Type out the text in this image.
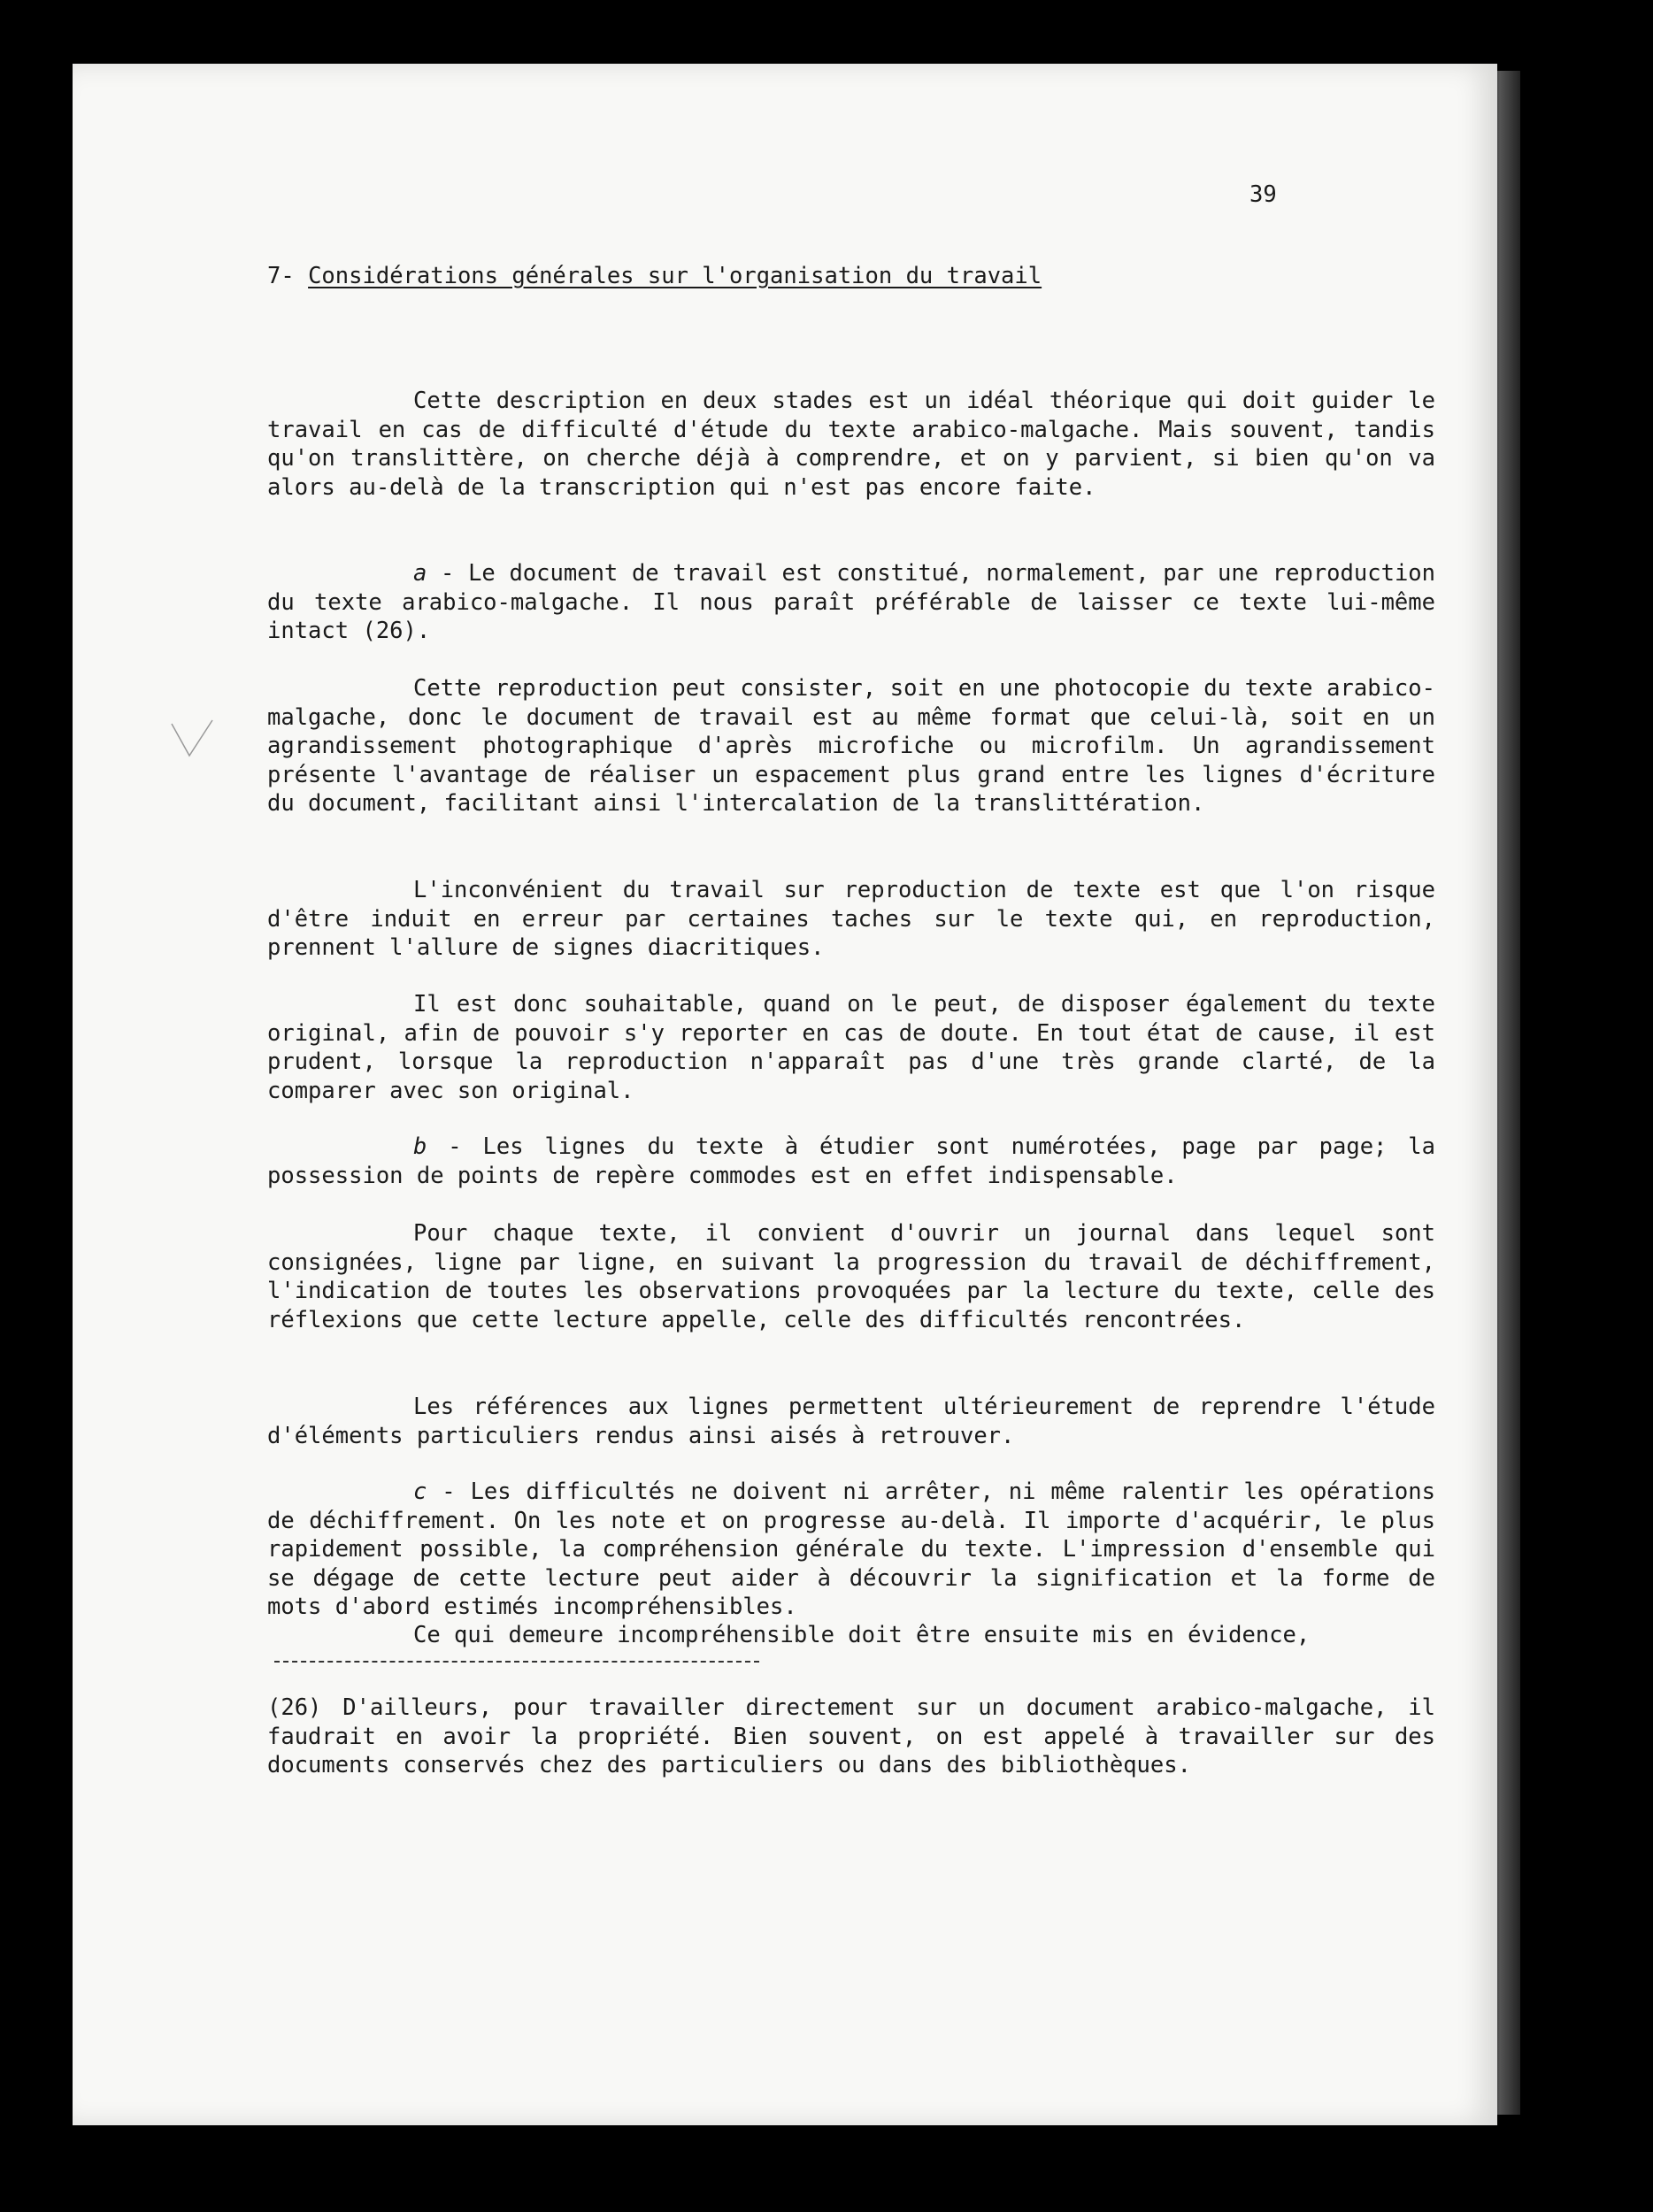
39
7- Considérations générales sur l'organisation du travail

Cette description en deux stades est un idéal théorique qui doit guider le travail en cas de difficulté d'étude du texte arabico-malgache. Mais souvent, tandis qu'on translittère, on cherche déjà à comprendre, et on y parvient, si bien qu'on va alors au-delà de la transcription qui n'est pas encore faite.

a - Le document de travail est constitué, normalement, par une reproduction du texte arabico-malgache. Il nous paraît préférable de laisser ce texte lui-même intact (26).

Cette reproduction peut consister, soit en une photocopie du texte arabico-malgache, donc le document de travail est au même format que celui-là, soit en un agrandissement photographique d'après microfiche ou microfilm. Un agrandissement présente l'avantage de réaliser un espacement plus grand entre les lignes d'écriture du document, facilitant ainsi l'intercalation de la translittération.

L'inconvénient du travail sur reproduction de texte est que l'on risque d'être induit en erreur par certaines taches sur le texte qui, en reproduction, prennent l'allure de signes diacritiques.

Il est donc souhaitable, quand on le peut, de disposer également du texte original, afin de pouvoir s'y reporter en cas de doute. En tout état de cause, il est prudent, lorsque la reproduction n'apparaît pas d'une très grande clarté, de la comparer avec son original.

b - Les lignes du texte à étudier sont numérotées, page par page; la possession de points de repère commodes est en effet indispensable.

Pour chaque texte, il convient d'ouvrir un journal dans lequel sont consignées, ligne par ligne, en suivant la progression du travail de déchiffrement, l'indication de toutes les observations provoquées par la lecture du texte, celle des réflexions que cette lecture appelle, celle des difficultés rencontrées.

Les références aux lignes permettent ultérieurement de reprendre l'étude d'éléments particuliers rendus ainsi aisés à retrouver.

c - Les difficultés ne doivent ni arrêter, ni même ralentir les opérations de déchiffrement. On les note et on progresse au-delà. Il importe d'acquérir, le plus rapidement possible, la compréhension générale du texte. L'impression d'ensemble qui se dégage de cette lecture peut aider à découvrir la signification et la forme de mots d'abord estimés incompréhensibles.

Ce qui demeure incompréhensible doit être ensuite mis en évidence,

(26) D'ailleurs, pour travailler directement sur un document arabico-malgache, il faudrait en avoir la propriété. Bien souvent, on est appelé à travailler sur des documents conservés chez des particuliers ou dans des bibliothèques.
